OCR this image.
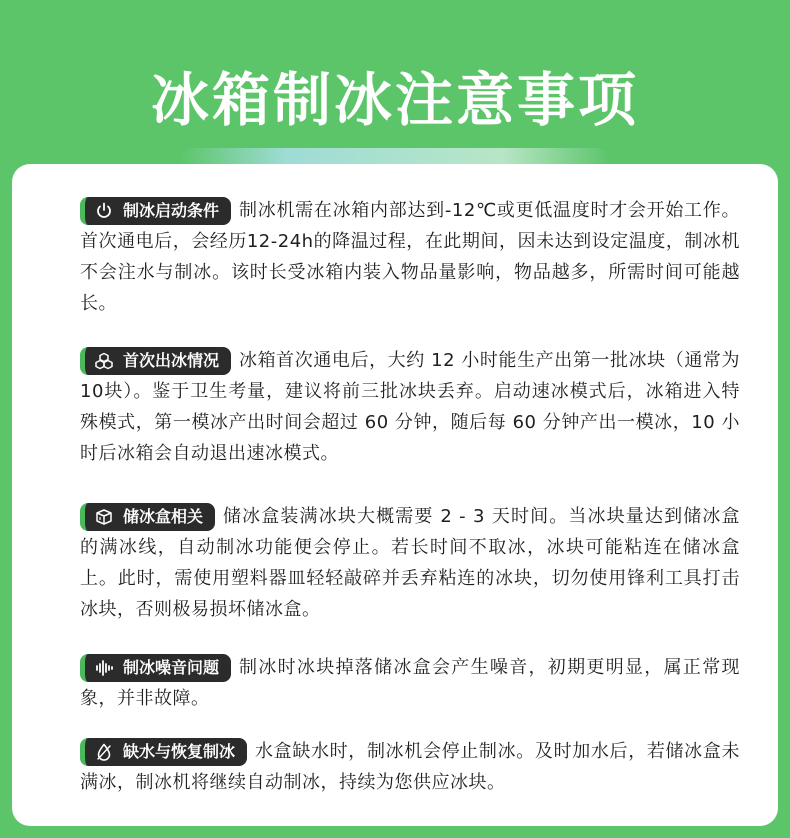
冰箱制冰注意事项
制冰启动条件	制冰机需在冰箱内部达到-12℃或更低温度时才会开始工作。首次通电后，会经历12-24h的降温过程，在此期间，因未达到设定温度，制冰机不会注水与制冰。该时长受冰箱内装入物品量影响，物品越多，所需时间可能越长。

首次出冰情况	冰箱首次通电后，大约 12 小时能生产出第一批冰块（通常为10块）。鉴于卫生考量，建议将前三批冰块丢弃。启动速冰模式后，冰箱进入特殊模式，第一模冰产出时间会超过 60 分钟，随后每 60 分钟产出一模冰，10 小时后冰箱会自动退出速冰模式。

储冰盒相关	储冰盒装满冰块大概需要 2 - 3 天时间。当冰块量达到储冰盒的满冰线，自动制冰功能便会停止。若长时间不取冰，冰块可能粘连在储冰盒上。此时，需使用塑料器皿轻轻敲碎并丢弃粘连的冰块，切勿使用锋利工具打击冰块，否则极易损坏储冰盒。

制冰噪音问题	制冰时冰块掉落储冰盒会产生噪音，初期更明显，属正常现象，并非故障。

缺水与恢复制冰	水盒缺水时，制冰机会停止制冰。及时加水后，若储冰盒未满冰，制冰机将继续自动制冰，持续为您供应冰块。
